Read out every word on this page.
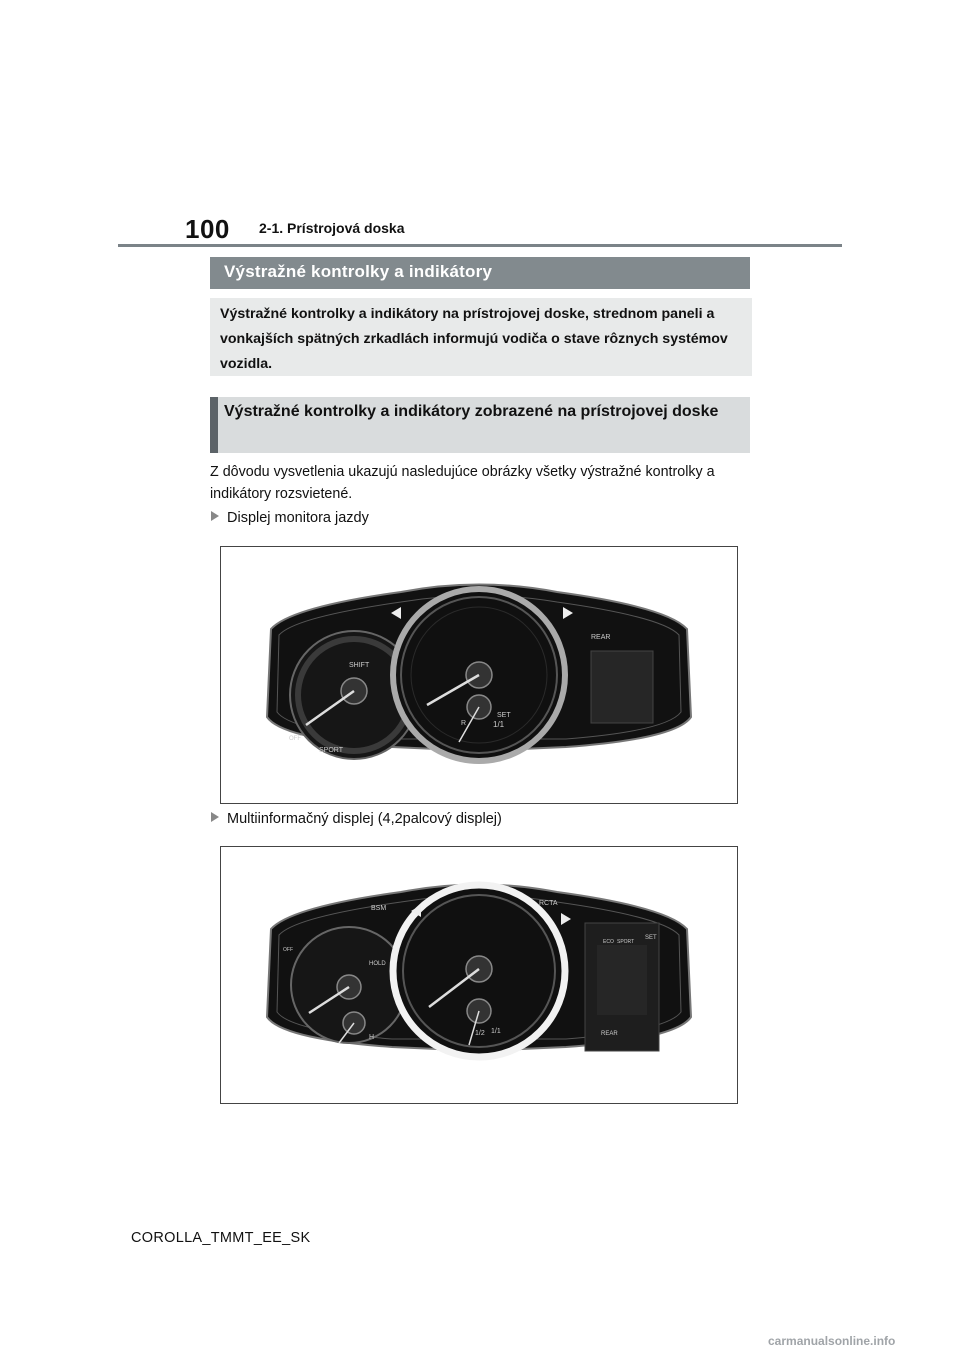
100 2-1. Prístrojová doska
Výstražné kontrolky a indikátory
Výstražné kontrolky a indikátory na prístrojovej doske, strednom paneli a vonkajších spätných zrkadlách informujú vodiča o stave rôznych systémov vozidla.
Výstražné kontrolky a indikátory zobrazené na prístrojovej doske
Z dôvodu vysvetlenia ukazujú nasledujúce obrázky všetky výstražné kontrolky a indikátory rozsvietené.
Displej monitora jazdy
SHIFT
SPORT
REAR
SET
R	1/1
OFF
Multiinformačný displej (4,2palcový displej)
BSM
RCTA
HOLD
REAR
SET
1/2 1/1
H
ECO SPORT
OFF
COROLLA_TMMT_EE_SK
carmanualsonline.info
